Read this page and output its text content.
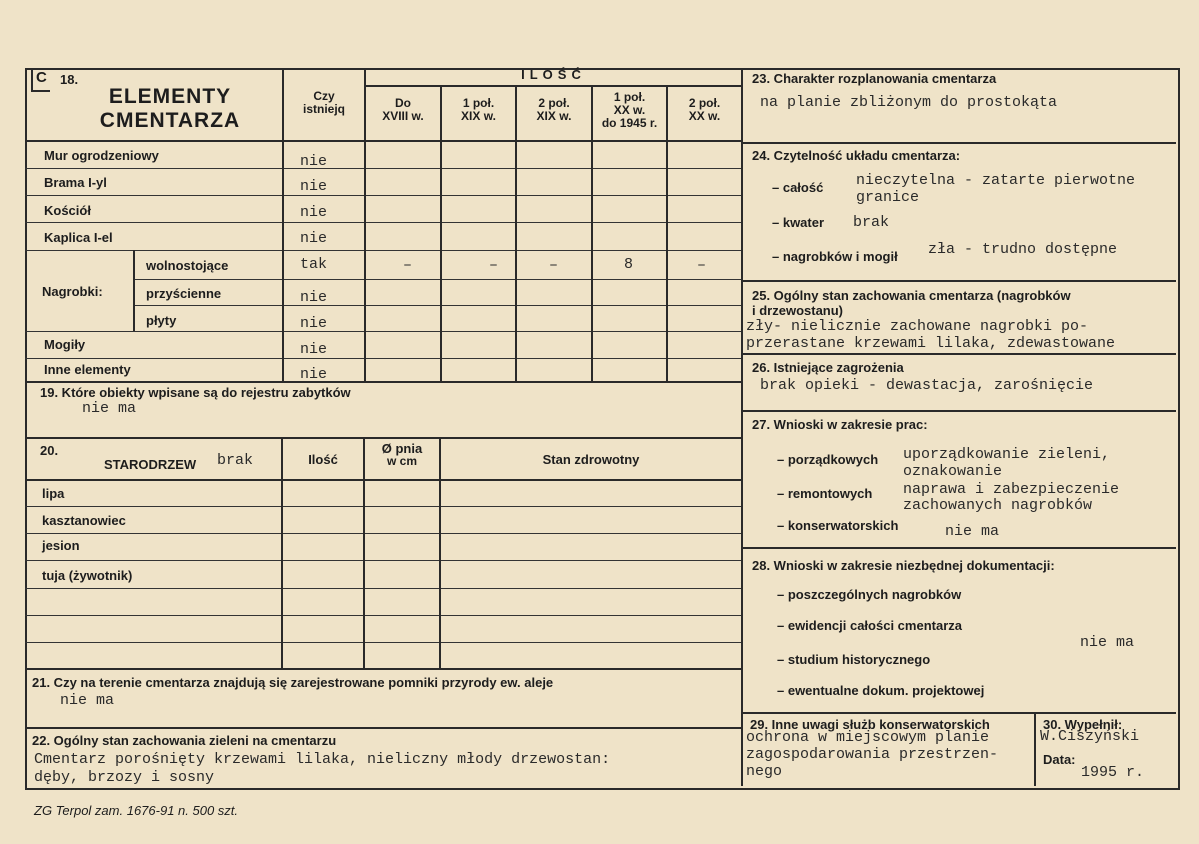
C 18.
ELEMENTY
CMENTARZA
Czy
istniejq
ILOŚĆ
Do
XVIII w.
1 poł.
XIX w.
2 poł.
XIX w.
1 poł.
XX w.
do 1945 r.
2 poł.
XX w.
Mur ogrodzeniowy	nie
Brama I-yl	nie
Kościół	nie
Kaplica I-el	nie
Nagrobki:
wolnostojące	tak	–	–	–	8	–
przyścienne	nie
płyty	nie
Mogiły	nie
Inne elementy	nie
19. Które obiekty wpisane są do rejestru zabytków
nie ma
20.
STARODRZEW brak	Ilość
Ø pnia
w cm	Stan zdrowotny
lipa
kasztanowiec
jesion
tuja (żywotnik)
21. Czy na terenie cmentarza znajdują się zarejestrowane pomniki przyrody ew. aleje
nie ma
22. Ogólny stan zachowania zieleni na cmentarzu
Cmentarz porośnięty krzewami lilaka, nieliczny młody drzewostan:
dęby, brzozy i sosny
23. Charakter rozplanowania cmentarza
na planie zbliżonym do prostokąta
24. Czytelność układu cmentarza:
– całość nieczytelna - zatarte pierwotne
granice
– kwater brak
– nagrobków i mogił zła - trudno dostępne
25. Ogólny stan zachowania cmentarza (nagrobków
i drzewostanu)
zły- nielicznie zachowane nagrobki po-
przerastane krzewami lilaka, zdewastowane
26. Istniejące zagrożenia
brak opieki - dewastacja, zarośnięcie
27. Wnioski w zakresie prac:
– porządkowych uporządkowanie zieleni,
oznakowanie
– remontowych naprawa i zabezpieczenie
zachowanych nagrobków
– konserwatorskich	nie ma
28. Wnioski w zakresie niezbędnej dokumentacji:
– poszczególnych nagrobków
– ewidencji całości cmentarza
– studium historycznego
– ewentualne dokum. projektowej
nie ma
29. Inne uwagi służb konserwatorskich
ochrona w miejscowym planie
zagospodarowania przestrzen-
nego
30. Wypełnił:
W.Ciszyński
Data:
1995 r.
ZG Terpol zam. 1676-91 n. 500 szt.
